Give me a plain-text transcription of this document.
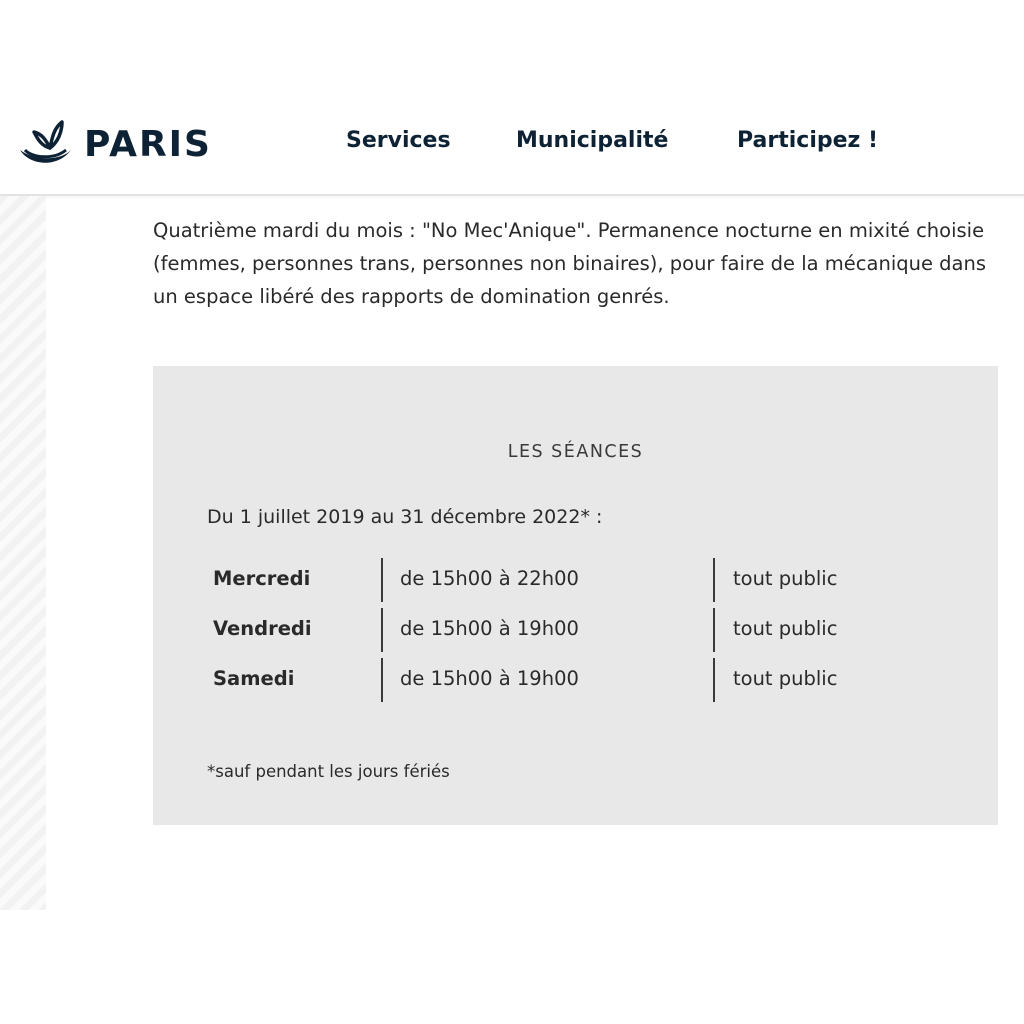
PARIS	Services	Municipalité	Participez !

Quatrième mardi du mois : "No Mec'Anique". Permanence nocturne en mixité choisie (femmes, personnes trans, personnes non binaires), pour faire de la mécanique dans un espace libéré des rapports de domination genrés.

LES SÉANCES
Du 1 juillet 2019 au 31 décembre 2022* :
Mercredi	de 15h00 à 22h00	tout public
Vendredi	de 15h00 à 19h00	tout public
Samedi	de 15h00 à 19h00	tout public
*sauf pendant les jours fériés
